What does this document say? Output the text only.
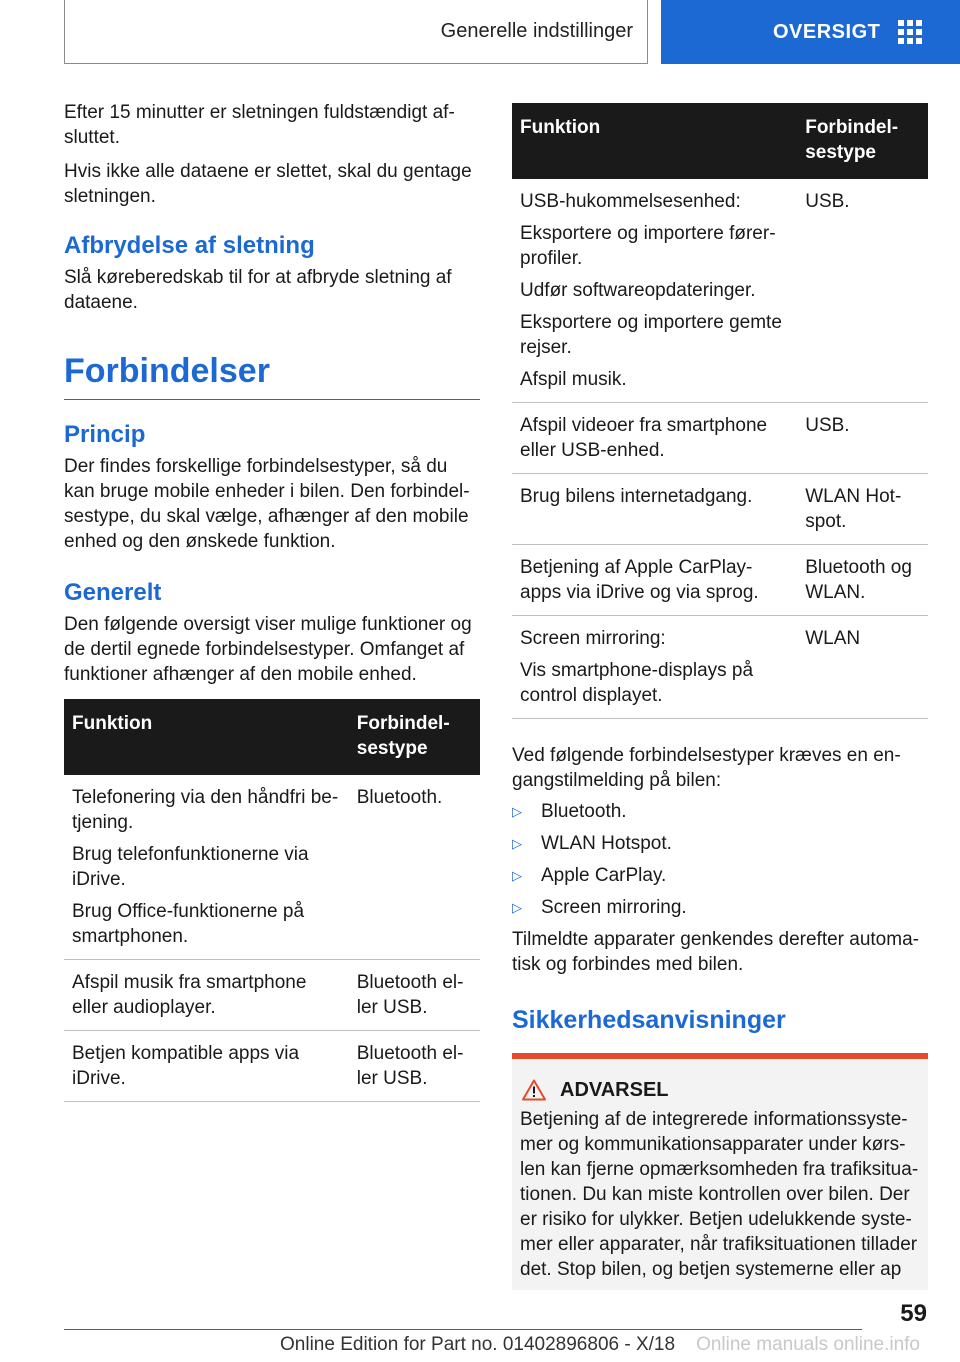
Generelle indstillinger	OVERSIGT

Efter 15 minutter er sletningen fuldstændigt afsluttet.

Hvis ikke alle dataene er slettet, skal du gentage sletningen.

Afbrydelse af sletning

Slå køreberedskab til for at afbryde sletning af dataene.

Forbindelser
Princip

Der findes forskellige forbindelsestyper, så du kan bruge mobile enheder i bilen. Den forbindelsestype, du skal vælge, afhænger af den mobile enhed og den ønskede funktion.

Generelt

Den følgende oversigt viser mulige funktioner og de dertil egnede forbindelsestyper. Omfanget af funktioner afhænger af den mobile enhed.

Funktion	Forbindelsestype

Telefonering via den håndfri betjening.
Brug telefonfunktionerne via iDrive.
Brug Office-funktionerne på smartphonen.	Bluetooth.

Afspil musik fra smartphone eller audioplayer.	Bluetooth eller USB.

Betjen kompatible apps via iDrive.	Bluetooth eller USB.
Funktion	Forbindelsestype

USB-hukommelsesenhed:
Eksportere og importere førerprofiler.
Udfør softwareopdateringer.
Eksportere og importere gemte rejser.
Afspil musik.	USB.

Afspil videoer fra smartphone eller USB-enhed.	USB.

Brug bilens internetadgang.	WLAN Hotspot.

Betjening af Apple CarPlay-apps via iDrive og via sprog.	Bluetooth og WLAN.

Screen mirroring:
Vis smartphone-displays på control displayet.	WLAN

Ved følgende forbindelsestyper kræves en engangstilmelding på bilen:

▷	Bluetooth.
▷	WLAN Hotspot.
▷	Apple CarPlay.
▷	Screen mirroring.

Tilmeldte apparater genkendes derefter automatisk og forbindes med bilen.

Sikkerhedsanvisninger
ADVARSEL

Betjening af de integrerede informationssystemer og kommunikationsapparater under kørslen kan fjerne opmærksomheden fra trafiksituationen. Du kan miste kontrollen over bilen. Der er risiko for ulykker. Betjen udelukkende systemer eller apparater, når trafiksituationen tillader det. Stop bilen, og betjen systemerne eller ap

59
Online Edition for Part no. 01402896806 - X/18 Online manuals online.info
